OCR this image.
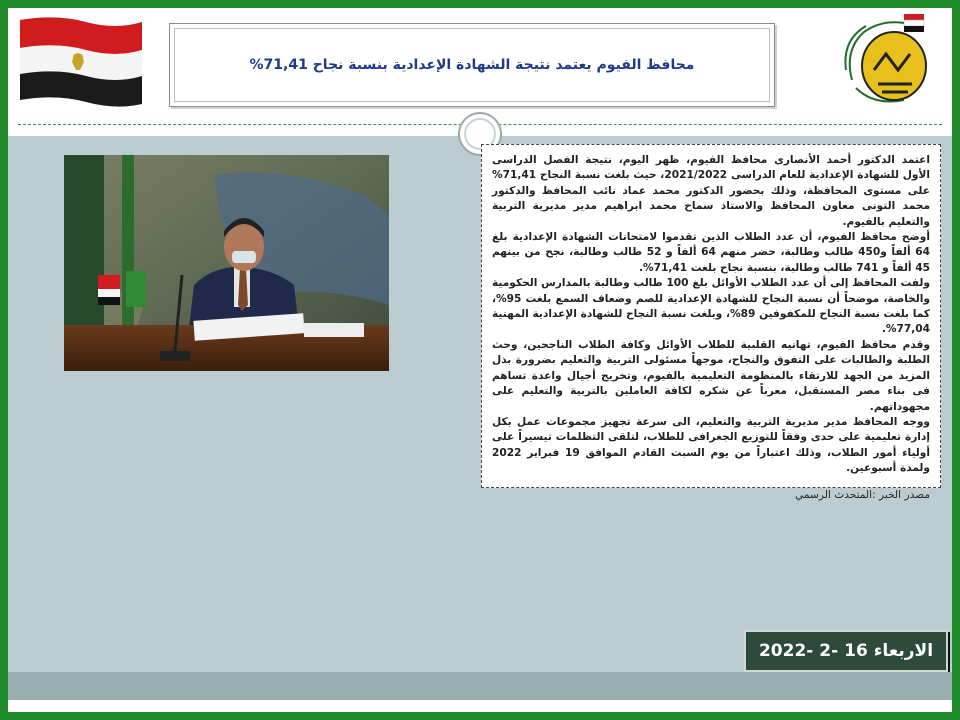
محافظ الفيوم يعتمد نتيجة الشهادة الإعدادية بنسبة نجاح 71,41%

اعتمد الدكتور أحمد الأنصارى محافظ الفيوم، ظهر اليوم، نتيجة الفصل الدراسى الأول للشهادة الإعدادية للعام الدراسى 2021/2022، حيث بلغت نسبة النجاح 71,41% على مستوى المحافظة، وذلك بحضور الدكتور محمد عماد نائب المحافظ والدكتور محمد التونى معاون المحافظ والاستاذ سماح محمد ابراهيم مدير مديرية التربية والتعليم بالفيوم.

أوضح محافظ الفيوم، أن عدد الطلاب الذين تقدموا لامتحانات الشهادة الإعدادية بلغ 64 ألفاً و450 طالب وطالبة، حضر منهم 64 ألفاً و 52 طالب وطالبة، نجح من بينهم 45 ألفاً و 741 طالب وطالبة، بنسبة نجاح بلغت 71,41%.

ولفت المحافظ إلى أن عدد الطلاب الأوائل بلغ 100 طالب وطالبة بالمدارس الحكومية والخاصة، موضحاً أن نسبة النجاح للشهادة الإعدادية للصم وضعاف السمع بلغت 95%، كما بلغت نسبة النجاح للمكفوفين 89%، وبلغت نسبة النجاح للشهادة الإعدادية المهنية 77,04%.

وقدم محافظ الفيوم، تهانيه القلبية للطلاب الأوائل وكافة الطلاب الناجحين، وحث الطلبة والطالبات على التفوق والنجاح، موجهاً مسئولى التربية والتعليم بضرورة بذل المزيد من الجهد للارتقاء بالمنظومة التعليمية بالفيوم، وتخريج أجيال واعدة تساهم فى بناء مصر المستقبل، معرباً عن شكره لكافة العاملين بالتربية والتعليم على مجهوداتهم.

ووجه المحافظ مدير مديرية التربية والتعليم، الى سرعة تجهيز مجموعات عمل بكل إدارة تعليمية على حدى وفقاً للتوزيع الجغرافى للطلاب، لتلقى التظلمات تيسيراً على أولياء أمور الطلاب، وذلك اعتباراً من يوم السبت القادم الموافق 19 فبراير 2022 ولمدة أسبوعين.

مصدر الخبر :المتحدث الرسمي
الاربعاء 16 -2 -2022
